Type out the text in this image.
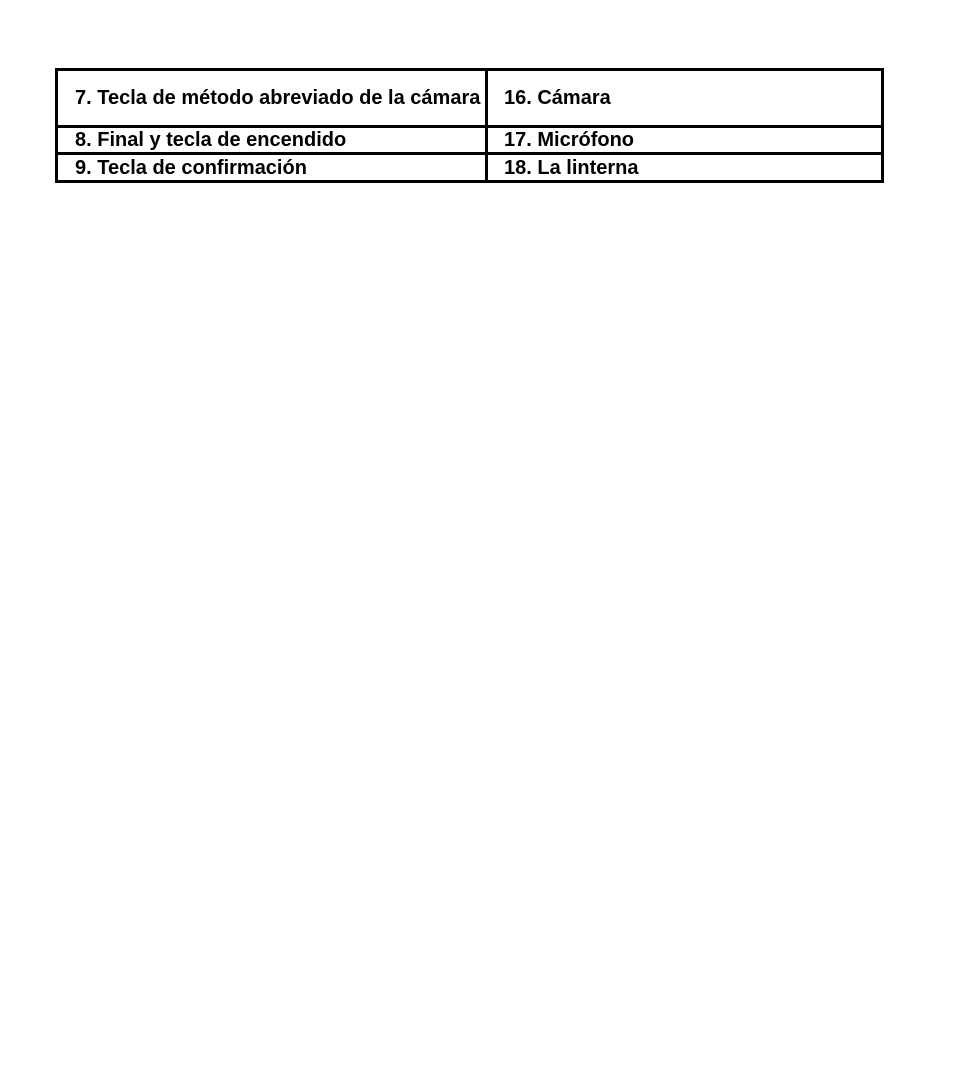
7. Tecla de método abreviado de la cámara	16. Cámara

8. Final y tecla de encendido	17. Micrófono

9. Tecla de confirmación	18. La linterna
